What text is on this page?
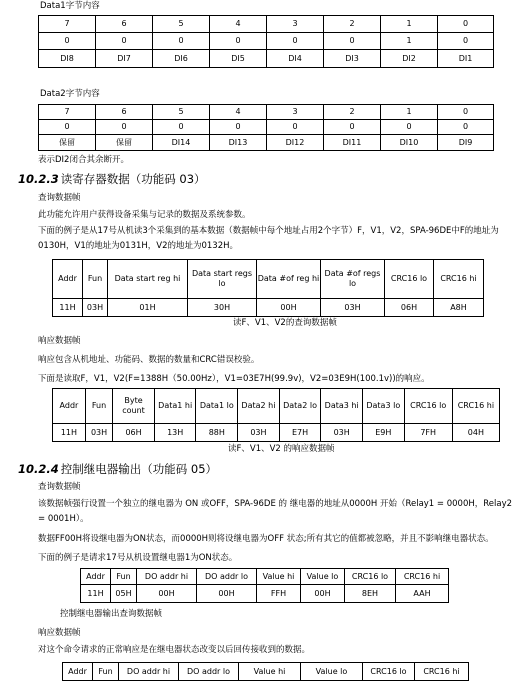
Data1字节内容
7	6	5	4	3	2	1	0
0	0	0	0	0	0	1	0
DI8	DI7	DI6	DI5	DI4	DI3	DI2	DI1
Data2字节内容
7	6	5	4	3	2	1	0
0	0	0	0	0	0	0	0
保留	保留	DI14	DI13	DI12	DI11	DI10	DI9
表示DI2闭合其余断开。
10.2.3 读寄存器数据（功能码 03）
查询数据帧
此功能允许用户获得设备采集与记录的数据及系统参数。
下面的例子是从17号从机读3个采集到的基本数据（数据帧中每个地址占用2个字节）F，V1，V2，SPA-96DE中F的地址为0130H，V1的地址为0131H，V2的地址为0132H。
Addr	Fun	Data start reg hi	Data start regs lo	Data #of reg hi	Data #of regs lo	CRC16 lo	CRC16 hi
11H	03H	01H	30H	00H	03H	06H	A8H
读F、V1、V2的查询数据帧
响应数据帧
响应包含从机地址、功能码、数据的数量和CRC错误校验。
下面是读取F，V1，V2(F=1388H（50.00Hz），V1=03E7H(99.9v)，V2=03E9H(100.1v))的响应。
Addr	Fun	Byte count	Data1 hi	Data1 lo	Data2 hi	Data2 lo	Data3 hi	Data3 lo	CRC16 lo	CRC16 hi
11H	03H	06H	13H	88H	03H	E7H	03H	E9H	7FH	04H
读F、V1、V2 的响应数据帧
10.2.4 控制继电器输出（功能码 05）
查询数据帧
该数据帧强行设置一个独立的继电器为 ON 或OFF，SPA-96DE 的 继电器的地址从0000H 开始（Relay1 = 0000H，Relay2 = 0001H）。
数据FF00H将设继电器为ON状态，而0000H则将设继电器为OFF 状态;所有其它的值都被忽略，并且不影响继电器状态。
下面的例子是请求17号从机设置继电器1为ON状态。
Addr	Fun	DO addr hi	DO addr lo	Value hi	Value lo	CRC16 lo	CRC16 hi
11H	05H	00H	00H	FFH	00H	8EH	AAH
控制继电器输出查询数据帧
响应数据帧
对这个命令请求的正常响应是在继电器状态改变以后回传接收到的数据。
Addr	Fun	DO addr hi	DO addr lo	Value hi	Value lo	CRC16 lo	CRC16 hi
